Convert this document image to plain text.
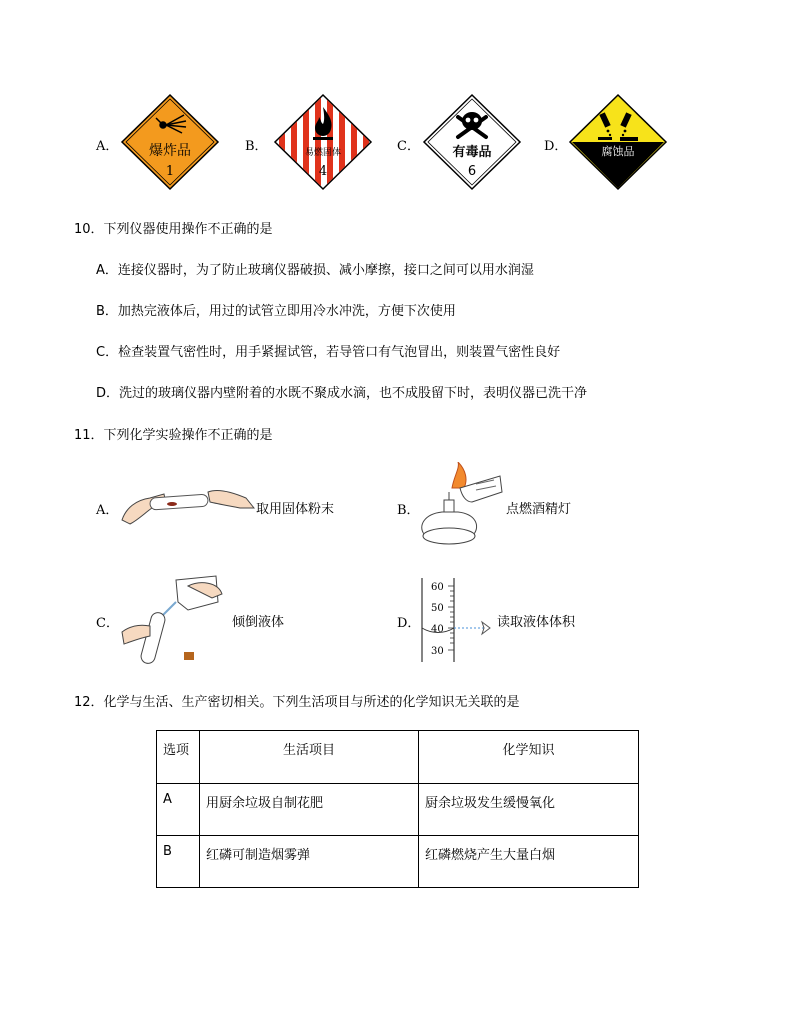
A． 爆炸品
1
B．	易燃固体
4
C．	有毒品
6
D．	腐蚀品
10．下列仪器使用操作不正确的是
A．连接仪器时，为了防止玻璃仪器破损、减小摩擦，接口之间可以用水润湿
B．加热完液体后，用过的试管立即用冷水冲洗，方便下次使用
C．检查装置气密性时，用手紧握试管，若导管口有气泡冒出，则装置气密性良好
D．洗过的玻璃仪器内壁附着的水既不聚成水滴，也不成股留下时，表明仪器已洗干净
11．下列化学实验操作不正确的是
A．	取用固体粉末	B．	点燃酒精灯
C．	倾倒液体	D．
60
50
40
30
读取液体体积
12．化学与生活、生产密切相关。下列生活项目与所述的化学知识无关联的是
选项	生活项目	化学知识
A	用厨余垃圾自制花肥	厨余垃圾发生缓慢氧化
B	红磷可制造烟雾弹	红磷燃烧产生大量白烟
